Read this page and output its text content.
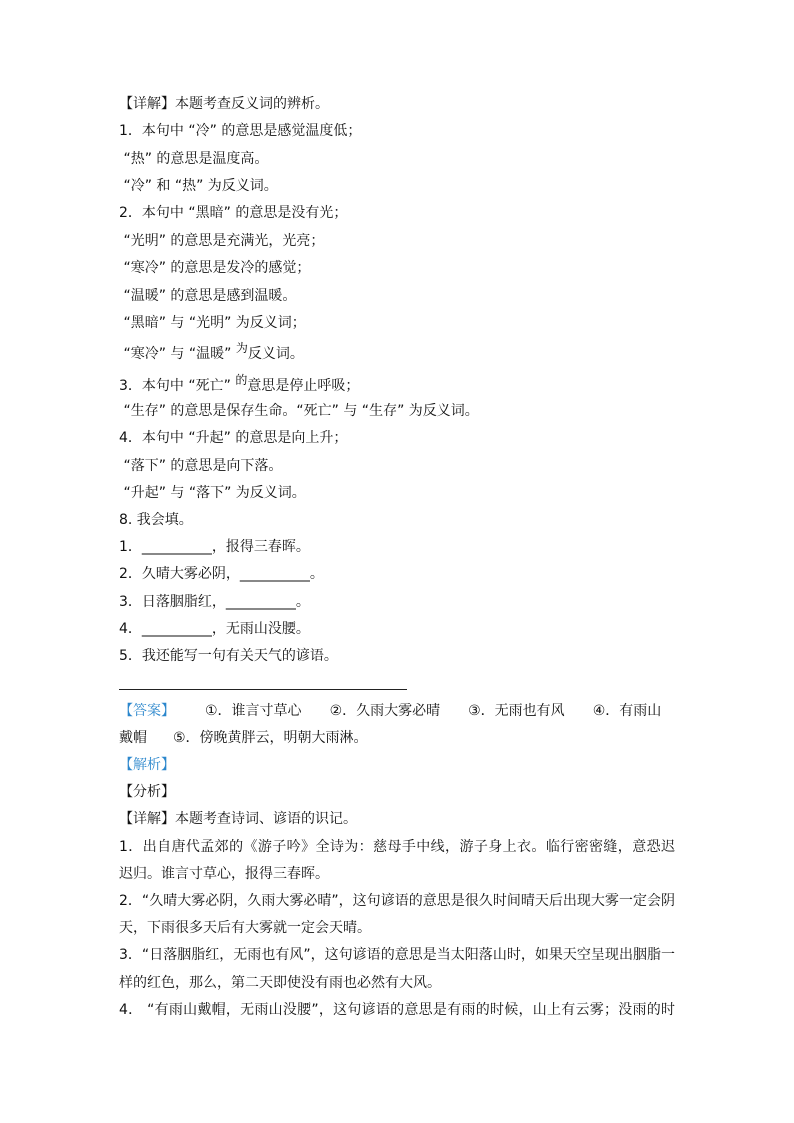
“寒冷” 与 “温暖” 为反义词。
3．本句中 “死亡” 的意思是停止呼吸；
【答案】 ①．谁言寸草心 ②．久雨大雾必晴 ③．无雨也有风 ④．有雨山
戴帽 ⑤．傍晚黄胖云，明朝大雨淋。
【解析】
【详解】本题考查反义词的辨析。
1．本句中 “冷” 的意思是感觉温度低；
“热” 的意思是温度高。
“冷” 和 “热” 为反义词。
2．本句中 “黑暗” 的意思是没有光；
“光明” 的意思是充满光，光亮；
“寒冷” 的意思是发冷的感觉；
“温暖” 的意思是感到温暖。
“黑暗” 与 “光明” 为反义词；
“生存” 的意思是保存生命。“死亡” 与 “生存” 为反义词。
4．本句中 “升起” 的意思是向上升；
“落下” 的意思是向下落。
“升起” 与 “落下” 为反义词。
8. 我会填。
1．__________，报得三春晖。
2．久晴大雾必阴，__________。
3．日落胭脂红，__________。
4．__________，无雨山没腰。
5．我还能写一句有关天气的谚语。
【分析】
【详解】本题考查诗词、谚语的识记。
1．出自唐代孟郊的《游子吟》全诗为：慈母手中线，游子身上衣。临行密密缝，意恐迟
迟归。谁言寸草心，报得三春晖。
2．“久晴大雾必阴，久雨大雾必晴”，这句谚语的意思是很久时间晴天后出现大雾一定会阴
天，下雨很多天后有大雾就一定会天晴。
3．“日落胭脂红，无雨也有风”，这句谚语的意思是当太阳落山时，如果天空呈现出胭脂一
样的红色，那么，第二天即使没有雨也必然有大风。
4． “有雨山戴帽，无雨山没腰”，这句谚语的意思是有雨的时候，山上有云雾；没雨的时
